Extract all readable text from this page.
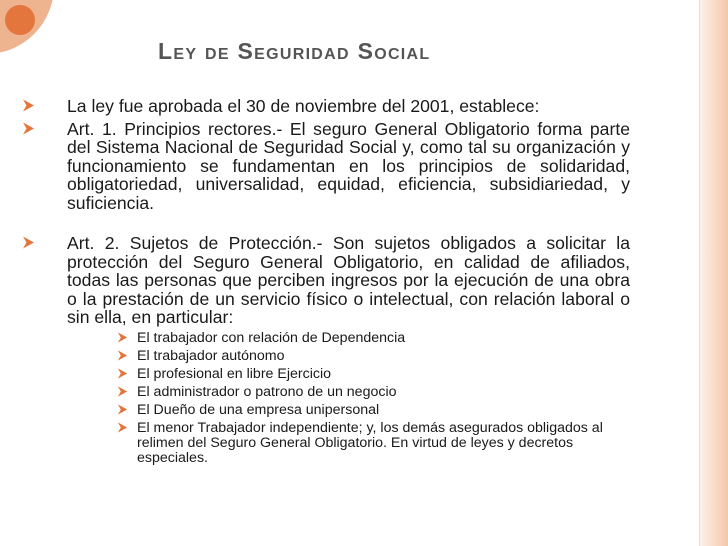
Ley de Seguridad Social

La ley fue aprobada el 30 de noviembre del 2001, establece:

Art. 1. Principios rectores.- El seguro General Obligatorio forma parte del Sistema Nacional de Seguridad Social y, como tal su organización y funcionamiento se fundamentan en los principios de solidaridad, obligatoriedad, universalidad, equidad, eficiencia, subsidiariedad, y suficiencia.

Art. 2. Sujetos de Protección.- Son sujetos obligados a solicitar la protección del Seguro General Obligatorio, en calidad de afiliados, todas las personas que perciben ingresos por la ejecución de una obra o la prestación de un servicio físico o intelectual, con relación laboral o sin ella, en particular:

El trabajador con relación de Dependencia
El trabajador autónomo
El profesional en libre Ejercicio
El administrador o patrono de un negocio
El Dueño de una empresa unipersonal
El menor Trabajador independiente; y, los demás asegurados obligados al relimen del Seguro General Obligatorio. En virtud de leyes y decretos especiales.
